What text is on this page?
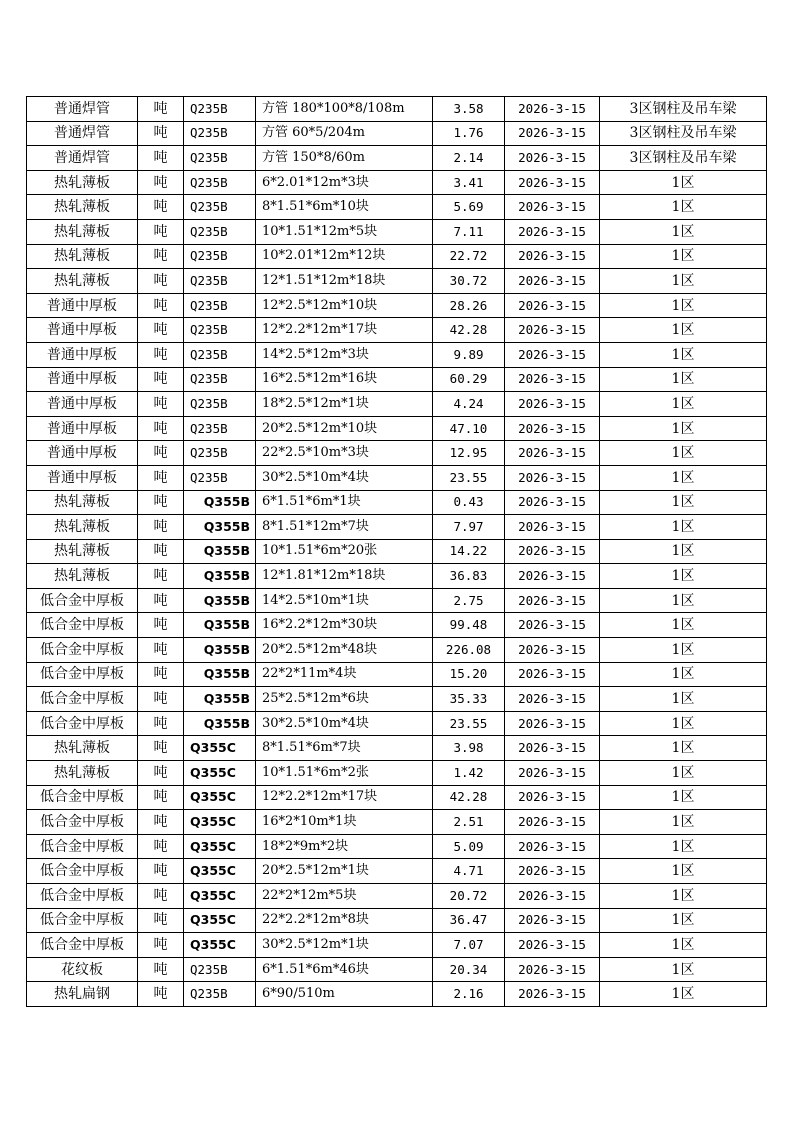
普通焊管	吨	Q235B	方管 180*100*8/108m	3.58	2026-3-15	3区钢柱及吊车梁
普通焊管	吨	Q235B	方管 60*5/204m	1.76	2026-3-15	3区钢柱及吊车梁
普通焊管	吨	Q235B	方管 150*8/60m	2.14	2026-3-15	3区钢柱及吊车梁
热轧薄板	吨	Q235B	6*2.01*12m*3块	3.41	2026-3-15	1区
热轧薄板	吨	Q235B	8*1.51*6m*10块	5.69	2026-3-15	1区
热轧薄板	吨	Q235B	10*1.51*12m*5块	7.11	2026-3-15	1区
热轧薄板	吨	Q235B	10*2.01*12m*12块	22.72	2026-3-15	1区
热轧薄板	吨	Q235B	12*1.51*12m*18块	30.72	2026-3-15	1区
普通中厚板	吨	Q235B	12*2.5*12m*10块	28.26	2026-3-15	1区
普通中厚板	吨	Q235B	12*2.2*12m*17块	42.28	2026-3-15	1区
普通中厚板	吨	Q235B	14*2.5*12m*3块	9.89	2026-3-15	1区
普通中厚板	吨	Q235B	16*2.5*12m*16块	60.29	2026-3-15	1区
普通中厚板	吨	Q235B	18*2.5*12m*1块	4.24	2026-3-15	1区
普通中厚板	吨	Q235B	20*2.5*12m*10块	47.10	2026-3-15	1区
普通中厚板	吨	Q235B	22*2.5*10m*3块	12.95	2026-3-15	1区
普通中厚板	吨	Q235B	30*2.5*10m*4块	23.55	2026-3-15	1区
热轧薄板	吨	Q355B	6*1.51*6m*1块	0.43	2026-3-15	1区
热轧薄板	吨	Q355B	8*1.51*12m*7块	7.97	2026-3-15	1区
热轧薄板	吨	Q355B	10*1.51*6m*20张	14.22	2026-3-15	1区
热轧薄板	吨	Q355B	12*1.81*12m*18块	36.83	2026-3-15	1区
低合金中厚板	吨	Q355B	14*2.5*10m*1块	2.75	2026-3-15	1区
低合金中厚板	吨	Q355B	16*2.2*12m*30块	99.48	2026-3-15	1区
低合金中厚板	吨	Q355B	20*2.5*12m*48块	226.08	2026-3-15	1区
低合金中厚板	吨	Q355B	22*2*11m*4块	15.20	2026-3-15	1区
低合金中厚板	吨	Q355B	25*2.5*12m*6块	35.33	2026-3-15	1区
低合金中厚板	吨	Q355B	30*2.5*10m*4块	23.55	2026-3-15	1区
热轧薄板	吨	Q355C	8*1.51*6m*7块	3.98	2026-3-15	1区
热轧薄板	吨	Q355C	10*1.51*6m*2张	1.42	2026-3-15	1区
低合金中厚板	吨	Q355C	12*2.2*12m*17块	42.28	2026-3-15	1区
低合金中厚板	吨	Q355C	16*2*10m*1块	2.51	2026-3-15	1区
低合金中厚板	吨	Q355C	18*2*9m*2块	5.09	2026-3-15	1区
低合金中厚板	吨	Q355C	20*2.5*12m*1块	4.71	2026-3-15	1区
低合金中厚板	吨	Q355C	22*2*12m*5块	20.72	2026-3-15	1区
低合金中厚板	吨	Q355C	22*2.2*12m*8块	36.47	2026-3-15	1区
低合金中厚板	吨	Q355C	30*2.5*12m*1块	7.07	2026-3-15	1区
花纹板	吨	Q235B	6*1.51*6m*46块	20.34	2026-3-15	1区
热轧扁钢	吨	Q235B	6*90/510m	2.16	2026-3-15	1区
